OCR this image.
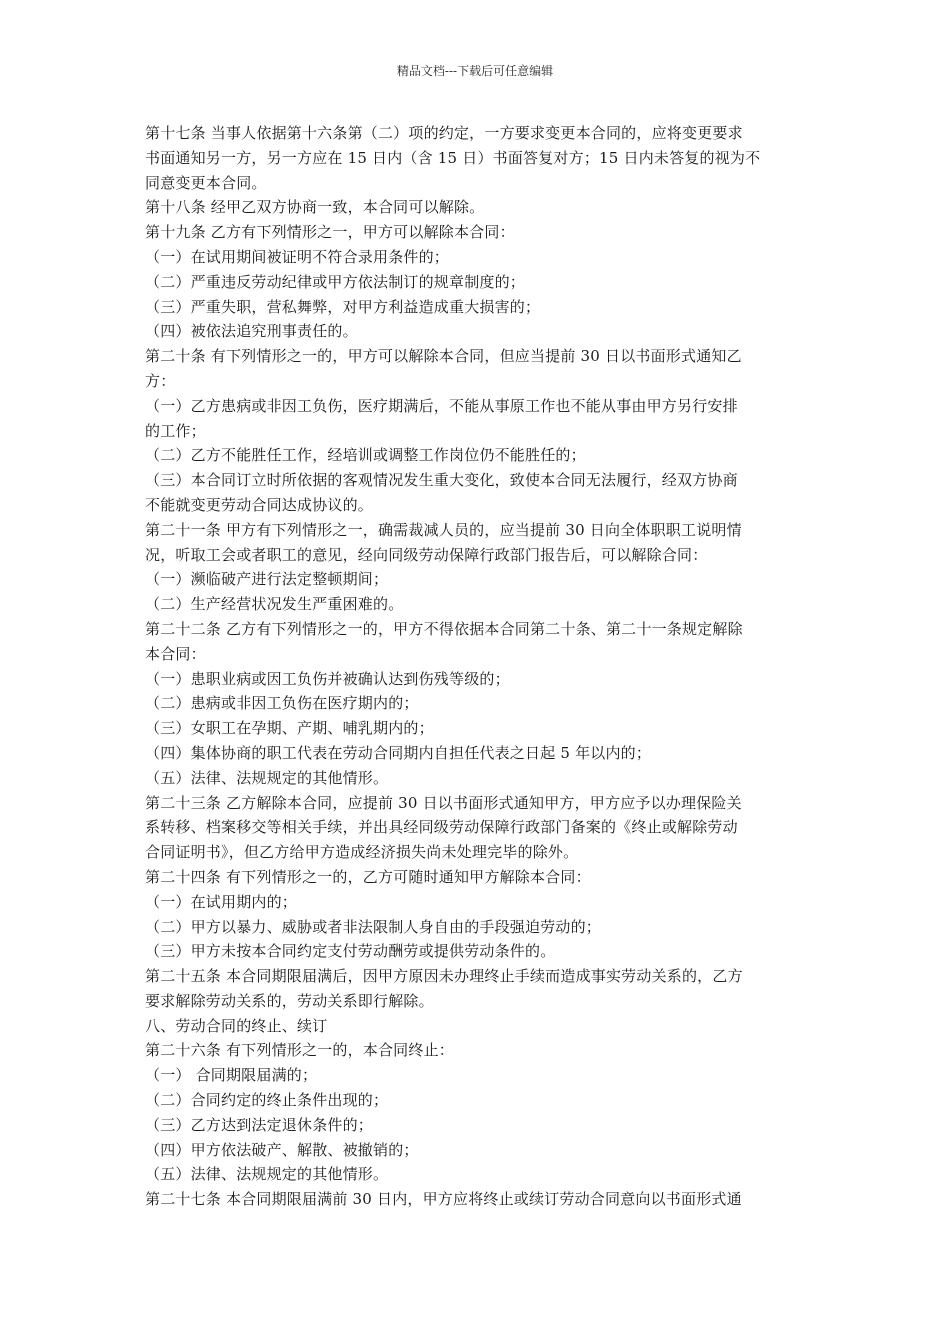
精品文档---下载后可任意编辑
第十七条 当事人依据第十六条第（二）项的约定，一方要求变更本合同的，应将变更要求
书面通知另一方，另一方应在 15 日内（含 15 日）书面答复对方；15 日内未答复的视为不
同意变更本合同。
第十八条 经甲乙双方协商一致，本合同可以解除。
第十九条 乙方有下列情形之一，甲方可以解除本合同：
（一）在试用期间被证明不符合录用条件的；
（二）严重违反劳动纪律或甲方依法制订的规章制度的；
（三）严重失职，营私舞弊，对甲方利益造成重大损害的；
（四）被依法追究刑事责任的。
第二十条 有下列情形之一的，甲方可以解除本合同，但应当提前 30 日以书面形式通知乙
方：
（一）乙方患病或非因工负伤，医疗期满后，不能从事原工作也不能从事由甲方另行安排
的工作；
（二）乙方不能胜任工作，经培训或调整工作岗位仍不能胜任的；
（三）本合同订立时所依据的客观情况发生重大变化，致使本合同无法履行，经双方协商
不能就变更劳动合同达成协议的。
第二十一条 甲方有下列情形之一，确需裁减人员的，应当提前 30 日向全体职职工说明情
况，听取工会或者职工的意见，经向同级劳动保障行政部门报告后，可以解除合同：
（一）濒临破产进行法定整顿期间；
（二）生产经营状况发生严重困难的。
第二十二条 乙方有下列情形之一的，甲方不得依据本合同第二十条、第二十一条规定解除
本合同：
（一）患职业病或因工负伤并被确认达到伤残等级的；
（二）患病或非因工负伤在医疗期内的；
（三）女职工在孕期、产期、哺乳期内的；
（四）集体协商的职工代表在劳动合同期内自担任代表之日起 5 年以内的；
（五）法律、法规规定的其他情形。
第二十三条 乙方解除本合同，应提前 30 日以书面形式通知甲方，甲方应予以办理保险关
系转移、档案移交等相关手续，并出具经同级劳动保障行政部门备案的《终止或解除劳动
合同证明书》，但乙方给甲方造成经济损失尚未处理完毕的除外。
第二十四条 有下列情形之一的，乙方可随时通知甲方解除本合同：
（一）在试用期内的；
（二）甲方以暴力、威胁或者非法限制人身自由的手段强迫劳动的；
（三）甲方未按本合同约定支付劳动酬劳或提供劳动条件的。
第二十五条 本合同期限届满后，因甲方原因未办理终止手续而造成事实劳动关系的，乙方
要求解除劳动关系的，劳动关系即行解除。
八、劳动合同的终止、续订
第二十六条 有下列情形之一的，本合同终止：
（一） 合同期限届满的；
（二）合同约定的终止条件出现的；
（三）乙方达到法定退休条件的；
（四）甲方依法破产、解散、被撤销的；
（五）法律、法规规定的其他情形。
第二十七条 本合同期限届满前 30 日内，甲方应将终止或续订劳动合同意向以书面形式通
